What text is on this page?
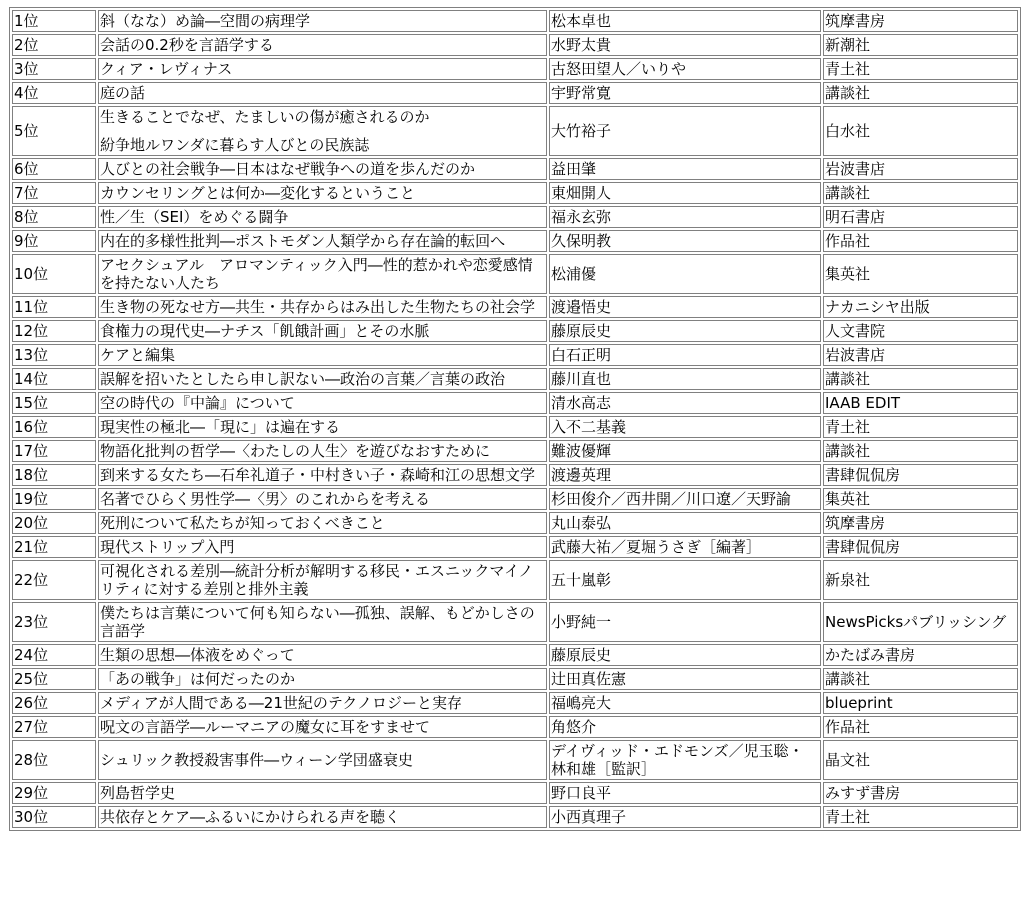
1位	斜（なな）め論―空間の病理学	松本卓也	筑摩書房
2位	会話の0.2秒を言語学する	水野太貴	新潮社
3位	クィア・レヴィナス	古怒田望人／いりや	青土社
4位	庭の話	宇野常寛	講談社
5位	生きることでなぜ、たましいの傷が癒されるのか
紛争地ルワンダに暮らす人びとの民族誌	大竹裕子	白水社
6位	人びとの社会戦争―日本はなぜ戦争への道を歩んだのか	益田肇	岩波書店
7位	カウンセリングとは何か―変化するということ	東畑開人	講談社
8位	性／生（SEI）をめぐる闘争	福永玄弥	明石書店
9位	内在的多様性批判―ポストモダン人類学から存在論的転回へ	久保明教	作品社
10位	アセクシュアル　アロマンティック入門―性的惹かれや恋愛感情を持たない人たち	松浦優	集英社
11位	生き物の死なせ方―共生・共存からはみ出した生物たちの社会学	渡邉悟史	ナカニシヤ出版
12位	食権力の現代史―ナチス「飢餓計画」とその水脈	藤原辰史	人文書院
13位	ケアと編集	白石正明	岩波書店
14位	誤解を招いたとしたら申し訳ない―政治の言葉／言葉の政治	藤川直也	講談社
15位	空の時代の『中論』について	清水高志	IAAB EDIT
16位	現実性の極北―「現に」は遍在する	入不二基義	青土社
17位	物語化批判の哲学―〈わたしの人生〉を遊びなおすために	難波優輝	講談社
18位	到来する女たち―石牟礼道子・中村きい子・森崎和江の思想文学	渡邊英理	書肆侃侃房
19位	名著でひらく男性学―〈男〉のこれからを考える	杉田俊介／西井開／川口遼／天野諭	集英社
20位	死刑について私たちが知っておくべきこと	丸山泰弘	筑摩書房
21位	現代ストリップ入門	武藤大祐／夏堀うさぎ［編著］	書肆侃侃房
22位	可視化される差別―統計分析が解明する移民・エスニックマイノリティに対する差別と排外主義	五十嵐彰	新泉社
23位	僕たちは言葉について何も知らない―孤独、誤解、もどかしさの言語学	小野純一	NewsPicksパブリッシング
24位	生類の思想―体液をめぐって	藤原辰史	かたばみ書房
25位	「あの戦争」は何だったのか	辻田真佐憲	講談社
26位	メディアが人間である―21世紀のテクノロジーと実存	福嶋亮大	blueprint
27位	呪文の言語学―ルーマニアの魔女に耳をすませて	角悠介	作品社
28位	シュリック教授殺害事件―ウィーン学団盛衰史	デイヴィッド・エドモンズ／児玉聡・林和雄［監訳］	晶文社
29位	列島哲学史	野口良平	みすず書房
30位	共依存とケア―ふるいにかけられる声を聴く	小西真理子	青土社
